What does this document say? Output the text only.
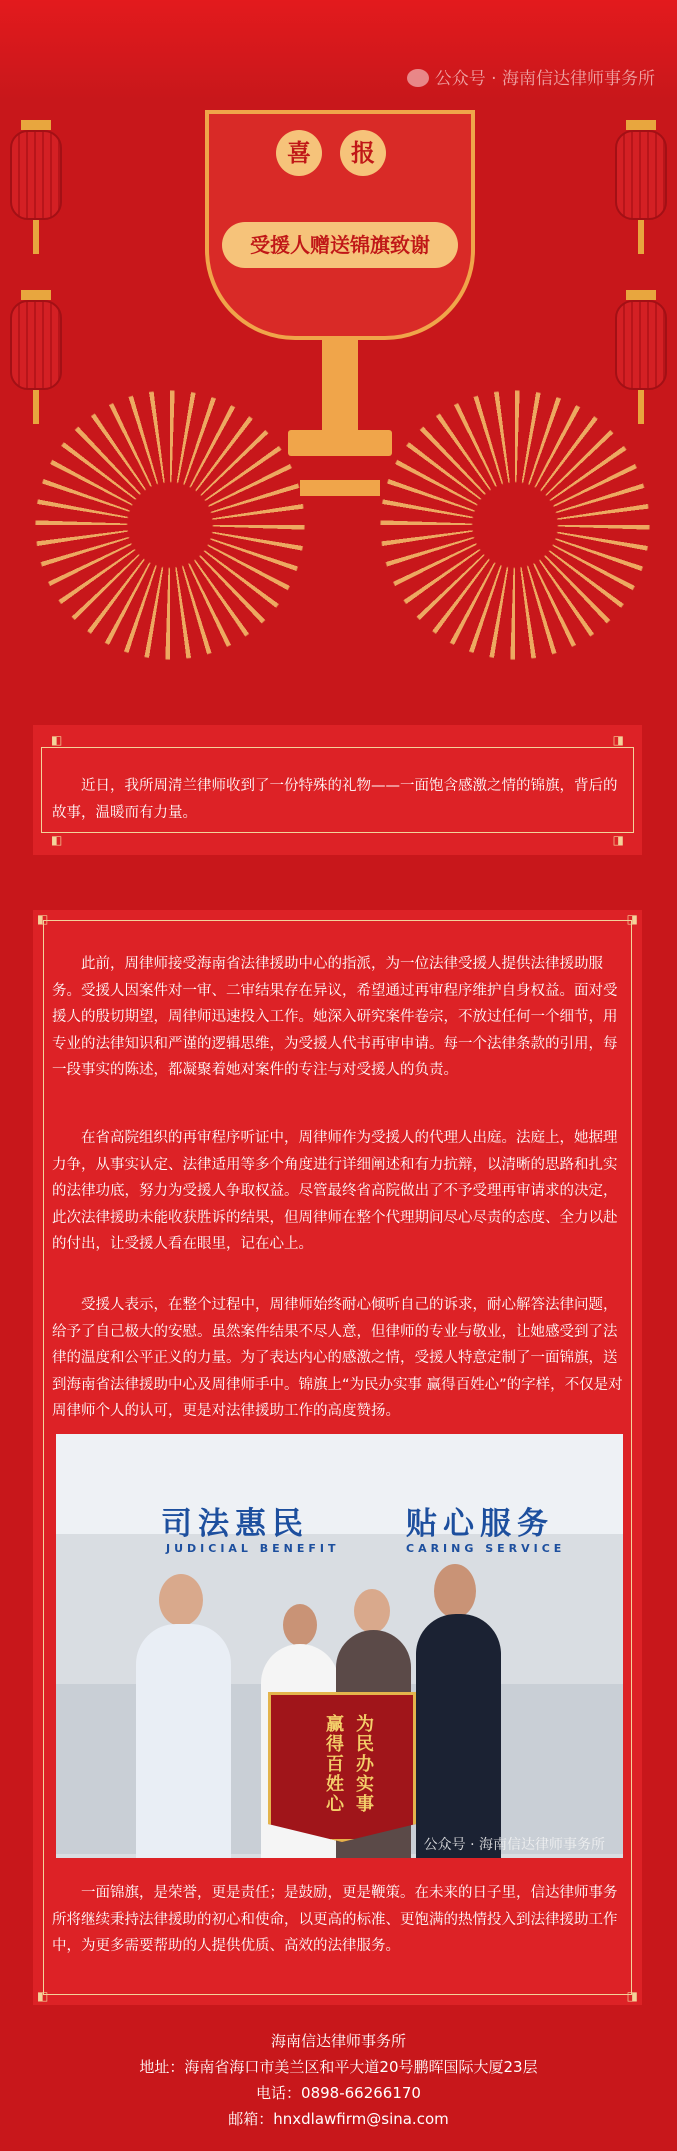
公众号 · 海南信达律师事务所
喜	报
受援人赠送锦旗致谢
◧	◨
◧	◨
近日，我所周清兰律师收到了一份特殊的礼物——一面饱含感激之情的锦旗，背后的故事，温暖而有力量。
◧	◨
◧	◨
此前，周律师接受海南省法律援助中心的指派，为一位法律受援人提供法律援助服务。受援人因案件对一审、二审结果存在异议，希望通过再审程序维护自身权益。面对受援人的殷切期望，周律师迅速投入工作。她深入研究案件卷宗，不放过任何一个细节，用专业的法律知识和严谨的逻辑思维，为受援人代书再审申请。每一个法律条款的引用，每一段事实的陈述，都凝聚着她对案件的专注与对受援人的负责。
在省高院组织的再审程序听证中，周律师作为受援人的代理人出庭。法庭上，她据理力争，从事实认定、法律适用等多个角度进行详细阐述和有力抗辩，以清晰的思路和扎实的法律功底，努力为受援人争取权益。尽管最终省高院做出了不予受理再审请求的决定，此次法律援助未能收获胜诉的结果，但周律师在整个代理期间尽心尽责的态度、全力以赴的付出，让受援人看在眼里，记在心上。
受援人表示，在整个过程中，周律师始终耐心倾听自己的诉求，耐心解答法律问题，给予了自己极大的安慰。虽然案件结果不尽人意，但律师的专业与敬业，让她感受到了法律的温度和公平正义的力量。为了表达内心的感激之情，受援人特意定制了一面锦旗，送到海南省法律援助中心及周律师手中。锦旗上“为民办实事 赢得百姓心”的字样，不仅是对周律师个人的认可，更是对法律援助工作的高度赞扬。
司法惠民	贴心服务
JUDICIAL BENEFIT	CARING SERVICE
为民办实事
赢得百姓心
公众号 · 海南信达律师事务所
一面锦旗，是荣誉，更是责任；是鼓励，更是鞭策。在未来的日子里，信达律师事务所将继续秉持法律援助的初心和使命，以更高的标准、更饱满的热情投入到法律援助工作中，为更多需要帮助的人提供优质、高效的法律服务。
海南信达律师事务所
地址：海南省海口市美兰区和平大道20号鹏晖国际大厦23层
电话：0898-66266170
邮箱：hnxdlawfirm@sina.com
